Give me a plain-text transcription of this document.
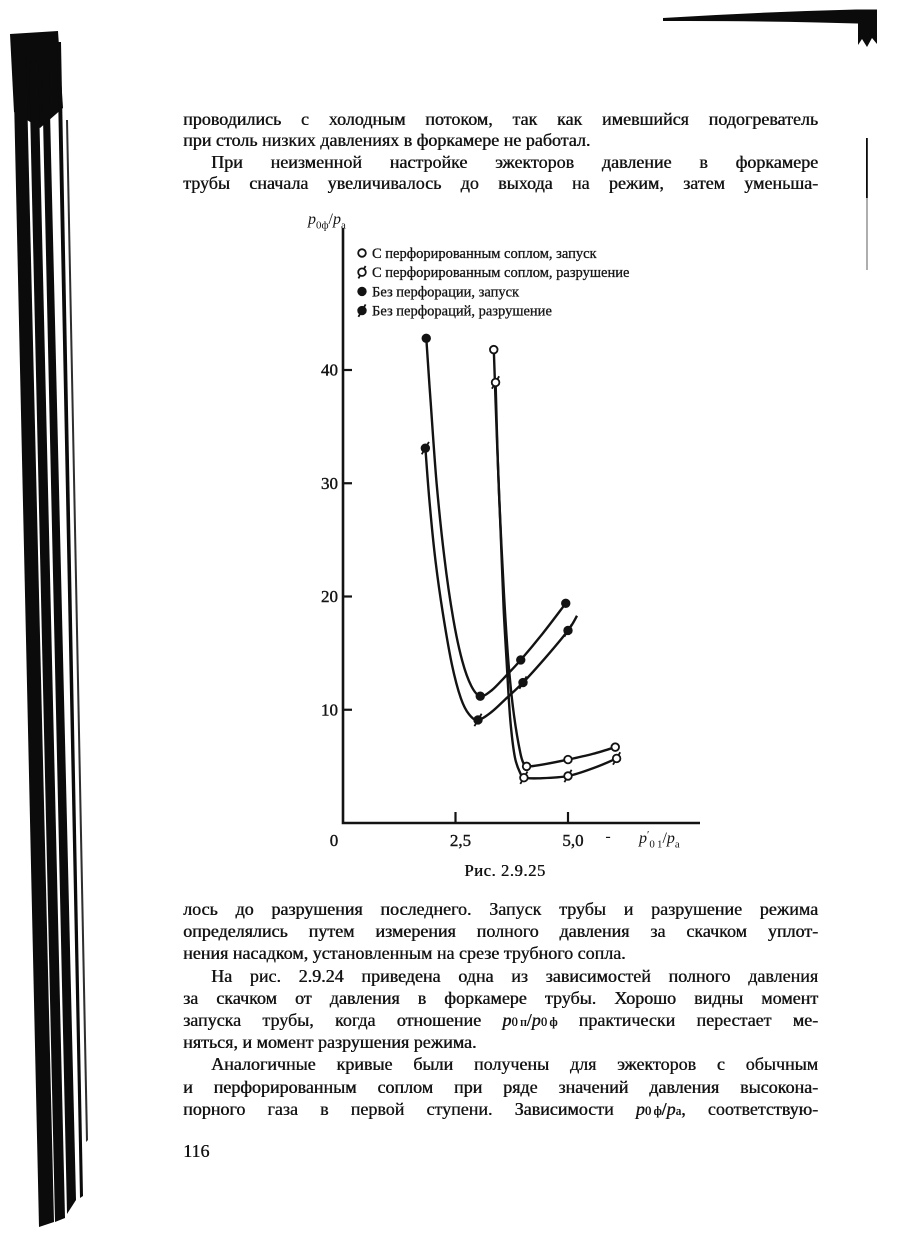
проводились с холодным потоком, так как имевшийся подогреватель
при столь низких давлениях в форкамере не работал.
При неизменной настройке эжекторов давление в форкамере
трубы сначала увеличивалось до выхода на режим, затем уменьша-
10
20
30
40
0	2,5	5,0 -
$p_{0ф}/p_a$
$p'_{0 1}/p_a$
С перфорированным соплом, запуск
С перфорированным соплом, разрушение
Без перфорации, запуск
Без перфораций, разрушение
Рис. 2.9.25
лось до разрушения последнего. Запуск трубы и разрушение режима
определялись путем измерения полного давления за скачком уплот-
нения насадком, установленным на срезе трубного сопла.
На рис. 2.9.24 приведена одна из зависимостей полного давления
за скачком от давления в форкамере трубы. Хорошо видны момент
запуска трубы, когда отношение $p_{0 п}/p_{0 ф}$ практически перестает ме-
няться, и момент разрушения режима.
Аналогичные кривые были получены для эжекторов с обычным
и перфорированным соплом при ряде значений давления высокона-
порного газа в первой ступени. Зависимости $p_{0 ф}/p_a$, соответствую-
116
